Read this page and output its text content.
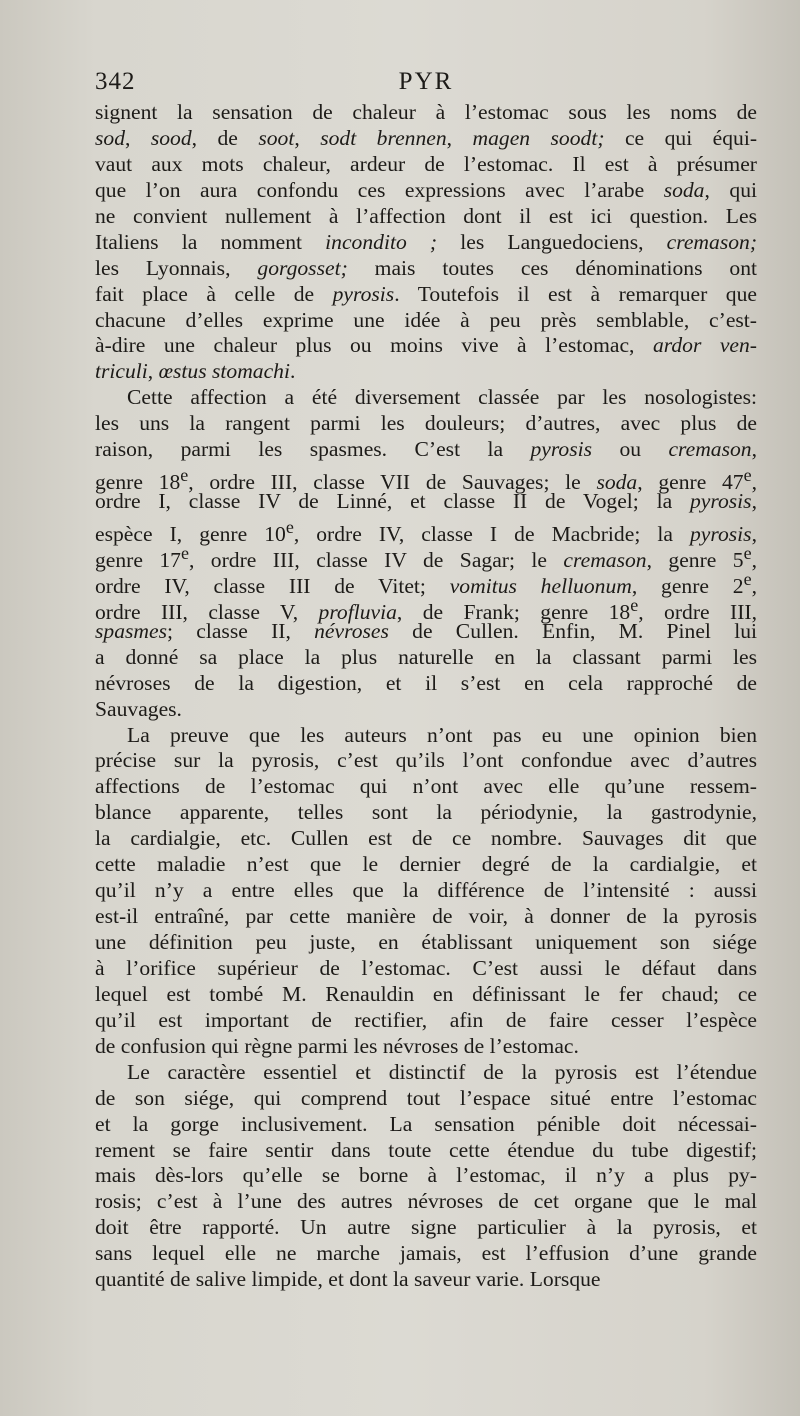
342	PYR
signent la sensation de chaleur à l’estomac sous les noms de
sod, sood, de soot, sodt brennen, magen soodt; ce qui équi-
vaut aux mots chaleur, ardeur de l’estomac. Il est à présumer
que l’on aura confondu ces expressions avec l’arabe soda, qui
ne convient nullement à l’affection dont il est ici question. Les
Italiens la nomment incondito ; les Languedociens, cremason;
les Lyonnais, gorgosset; mais toutes ces dénominations ont
fait place à celle de pyrosis. Toutefois il est à remarquer que
chacune d’elles exprime une idée à peu près semblable, c’est-
à-dire une chaleur plus ou moins vive à l’estomac, ardor ven-
triculi, œstus stomachi.
Cette affection a été diversement classée par les nosologistes:
les uns la rangent parmi les douleurs; d’autres, avec plus de
raison, parmi les spasmes. C’est la pyrosis ou cremason,
genre 18e, ordre III, classe VII de Sauvages; le soda, genre 47e,
ordre I, classe IV de Linné, et classe II de Vogel; la pyrosis,
espèce I, genre 10e, ordre IV, classe I de Macbride; la pyrosis,
genre 17e, ordre III, classe IV de Sagar; le cremason, genre 5e,
ordre IV, classe III de Vitet; vomitus helluonum, genre 2e,
ordre III, classe V, profluvia, de Frank; genre 18e, ordre III,
spasmes; classe II, névroses de Cullen. Enfin, M. Pinel lui
a donné sa place la plus naturelle en la classant parmi les
névroses de la digestion, et il s’est en cela rapproché de
Sauvages.
La preuve que les auteurs n’ont pas eu une opinion bien
précise sur la pyrosis, c’est qu’ils l’ont confondue avec d’autres
affections de l’estomac qui n’ont avec elle qu’une ressem-
blance apparente, telles sont la périodynie, la gastrodynie,
la cardialgie, etc. Cullen est de ce nombre. Sauvages dit que
cette maladie n’est que le dernier degré de la cardialgie, et
qu’il n’y a entre elles que la différence de l’intensité : aussi
est-il entraîné, par cette manière de voir, à donner de la pyrosis
une définition peu juste, en établissant uniquement son siége
à l’orifice supérieur de l’estomac. C’est aussi le défaut dans
lequel est tombé M. Renauldin en définissant le fer chaud; ce
qu’il est important de rectifier, afin de faire cesser l’espèce
de confusion qui règne parmi les névroses de l’estomac.
Le caractère essentiel et distinctif de la pyrosis est l’étendue
de son siége, qui comprend tout l’espace situé entre l’estomac
et la gorge inclusivement. La sensation pénible doit nécessai-
rement se faire sentir dans toute cette étendue du tube digestif;
mais dès-lors qu’elle se borne à l’estomac, il n’y a plus py-
rosis; c’est à l’une des autres névroses de cet organe que le mal
doit être rapporté. Un autre signe particulier à la pyrosis, et
sans lequel elle ne marche jamais, est l’effusion d’une grande
quantité de salive limpide, et dont la saveur varie. Lorsque
